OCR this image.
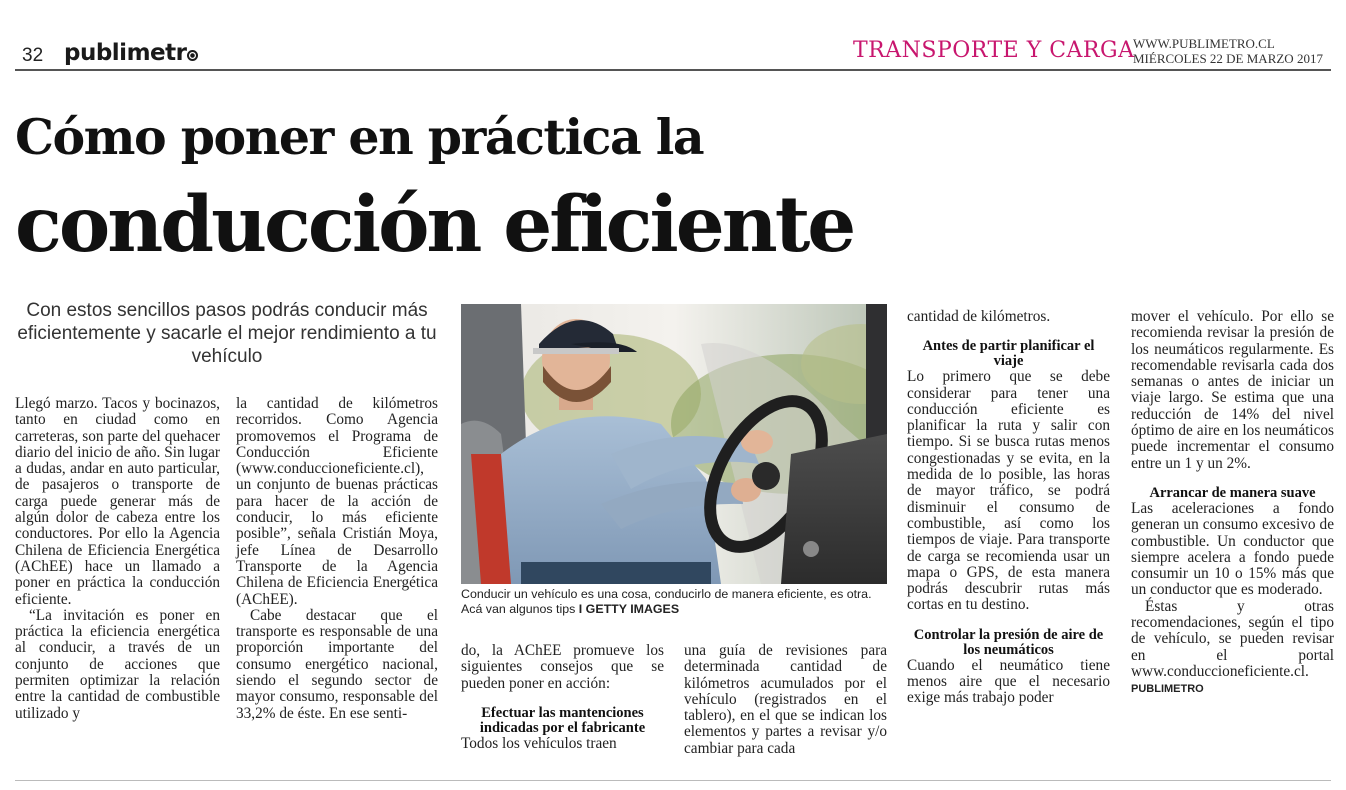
32 publimetr	TRANSPORTE Y CARGA
WWW.PUBLIMETRO.CL
MIÉRCOLES 22 DE MARZO 2017
Cómo poner en práctica la
conducción eficiente
Con estos sencillos pasos podrás conducir más eficientemente y sacarle el mejor rendimiento a tu vehículo

Llegó marzo. Tacos y bocinazos, tanto en ciudad como en carreteras, son parte del quehacer diario del inicio de año. Sin lugar a dudas, andar en auto particular, de pasajeros o transporte de carga puede generar más de algún dolor de cabeza entre los conductores. Por ello la Agencia Chilena de Eficiencia Energética (AChEE) hace un llamado a poner en práctica la conducción eficiente.

“La invitación es poner en práctica la eficiencia energética al conducir, a través de un conjunto de acciones que permiten optimizar la relación entre la cantidad de combustible utilizado y

la cantidad de kilómetros recorridos. Como Agencia promovemos el Programa de Conducción Eficiente (www.conduccioneficiente.cl), un conjunto de buenas prácticas para hacer de la acción de conducir, lo más eficiente posible”, señala Cristián Moya, jefe Línea de Desarrollo Transporte de la Agencia Chilena de Eficiencia Energética (AChEE).

Cabe destacar que el transporte es responsable de una proporción importante del consumo energético nacional, siendo el segundo sector de mayor consumo, responsable del 33,2% de éste. En ese senti-

Conducir un vehículo es una cosa, conducirlo de manera eficiente, es otra. Acá van algunos tips I GETTY IMAGES

do, la AChEE promueve los siguientes consejos que se pueden poner en acción:

Efectuar las mantenciones indicadas por el fabricante

Todos los vehículos traen

una guía de revisiones para determinada cantidad de kilómetros acumulados por el vehículo (registrados en el tablero), en el que se indican los elementos y partes a revisar y/o cambiar para cada

cantidad de kilómetros.

Antes de partir planificar el viaje

Lo primero que se debe considerar para tener una conducción eficiente es planificar la ruta y salir con tiempo. Si se busca rutas menos congestionadas y se evita, en la medida de lo posible, las horas de mayor tráfico, se podrá disminuir el consumo de combustible, así como los tiempos de viaje. Para transporte de carga se recomienda usar un mapa o GPS, de esta manera podrás descubrir rutas más cortas en tu destino.

Controlar la presión de aire de los neumáticos

Cuando el neumático tiene menos aire que el necesario exige más trabajo poder

mover el vehículo. Por ello se recomienda revisar la presión de los neumáticos regularmente. Es recomendable revisarla cada dos semanas o antes de iniciar un viaje largo. Se estima que una reducción de 14% del nivel óptimo de aire en los neumáticos puede incrementar el consumo entre un 1 y un 2%.

Arrancar de manera suave

Las aceleraciones a fondo generan un consumo excesivo de combustible. Un conductor que siempre acelera a fondo puede consumir un 10 o 15% más que un conductor que es moderado.

Éstas y otras recomendaciones, según el tipo de vehículo, se pueden revisar en el portal www.conduccioneficiente.cl. PUBLIMETRO
